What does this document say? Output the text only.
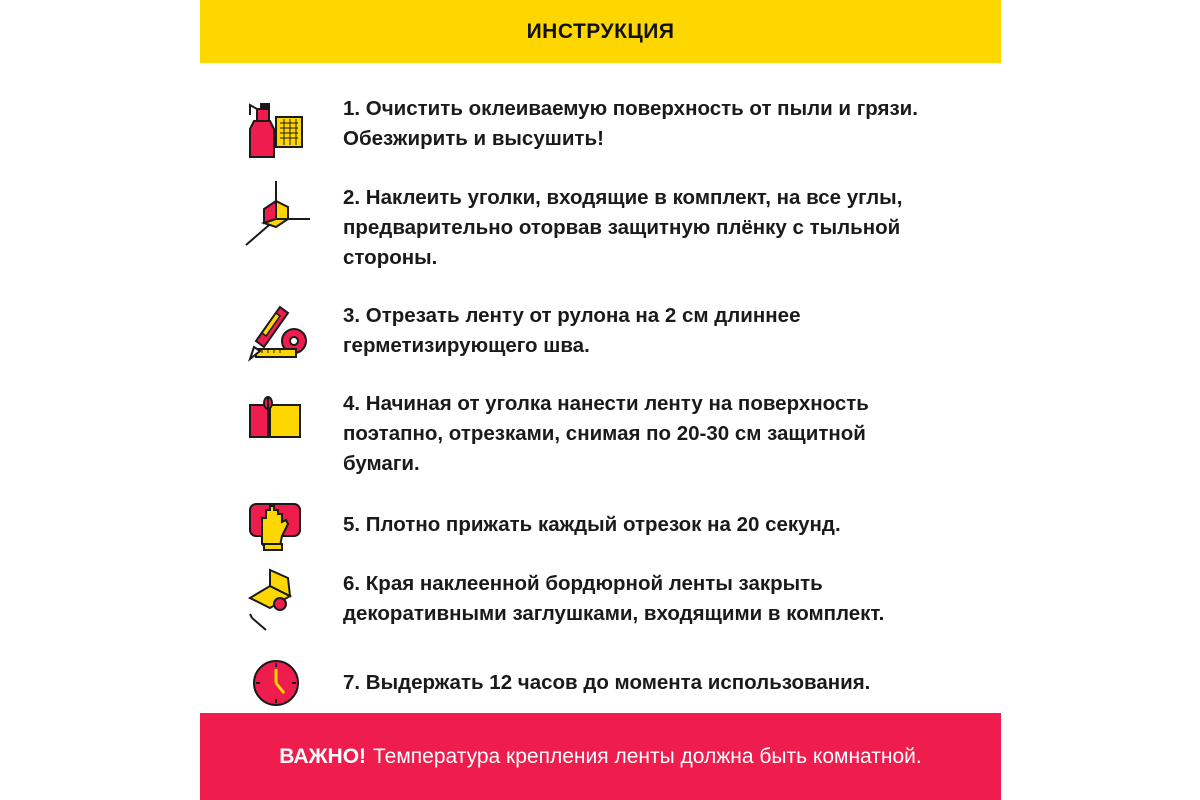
ИНСТРУКЦИЯ
1. Очистить оклеиваемую поверхность от пыли и грязи.
Обезжирить и высушить!
2. Наклеить уголки, входящие в комплект, на все углы,
предварительно оторвав защитную плёнку с тыльной
стороны.
3. Отрезать ленту от рулона на 2 см длиннее
герметизирующего шва.
4. Начиная от уголка нанести ленту на поверхность
поэтапно, отрезками, снимая по 20-30 см защитной
бумаги.
5. Плотно прижать каждый отрезок на 20 секунд.
6. Края наклеенной бордюрной ленты закрыть
декоративными заглушками, входящими в комплект.
7. Выдержать 12 часов до момента использования.
ВАЖНО! Температура крепления ленты должна быть комнатной.
